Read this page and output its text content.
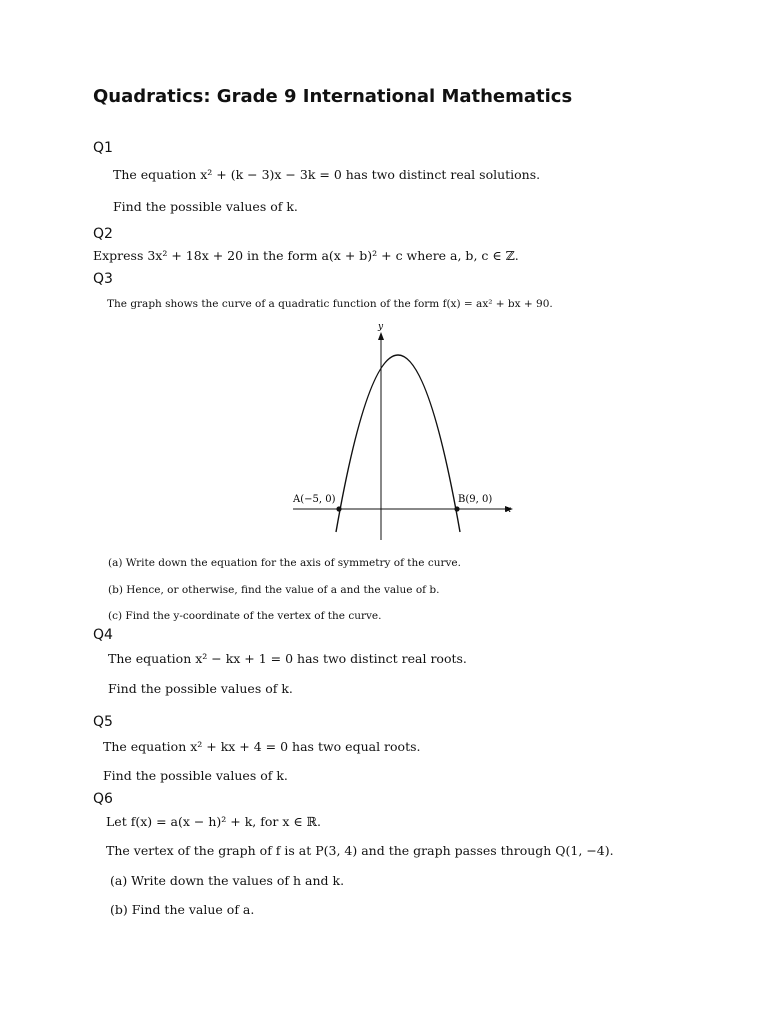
Quadratics: Grade 9 International Mathematics
Q1
The equation x² + (k − 3)x − 3k = 0 has two distinct real solutions.
Find the possible values of k.
Q2
Express 3x² + 18x + 20 in the form a(x + b)² + c where a, b, c ∈ ℤ.
Q3
The graph shows the curve of a quadratic function of the form f(x) = ax² + bx + 90.
y
x
A(−5, 0)	B(9, 0)
(a) Write down the equation for the axis of symmetry of the curve.
(b) Hence, or otherwise, find the value of a and the value of b.
(c) Find the y-coordinate of the vertex of the curve.
Q4
The equation x² − kx + 1 = 0 has two distinct real roots.
Find the possible values of k.
Q5
The equation x² + kx + 4 = 0 has two equal roots.
Find the possible values of k.
Q6
Let f(x) = a(x − h)² + k, for x ∈ ℝ.
The vertex of the graph of f is at P(3, 4) and the graph passes through Q(1, −4).
(a) Write down the values of h and k.
(b) Find the value of a.
